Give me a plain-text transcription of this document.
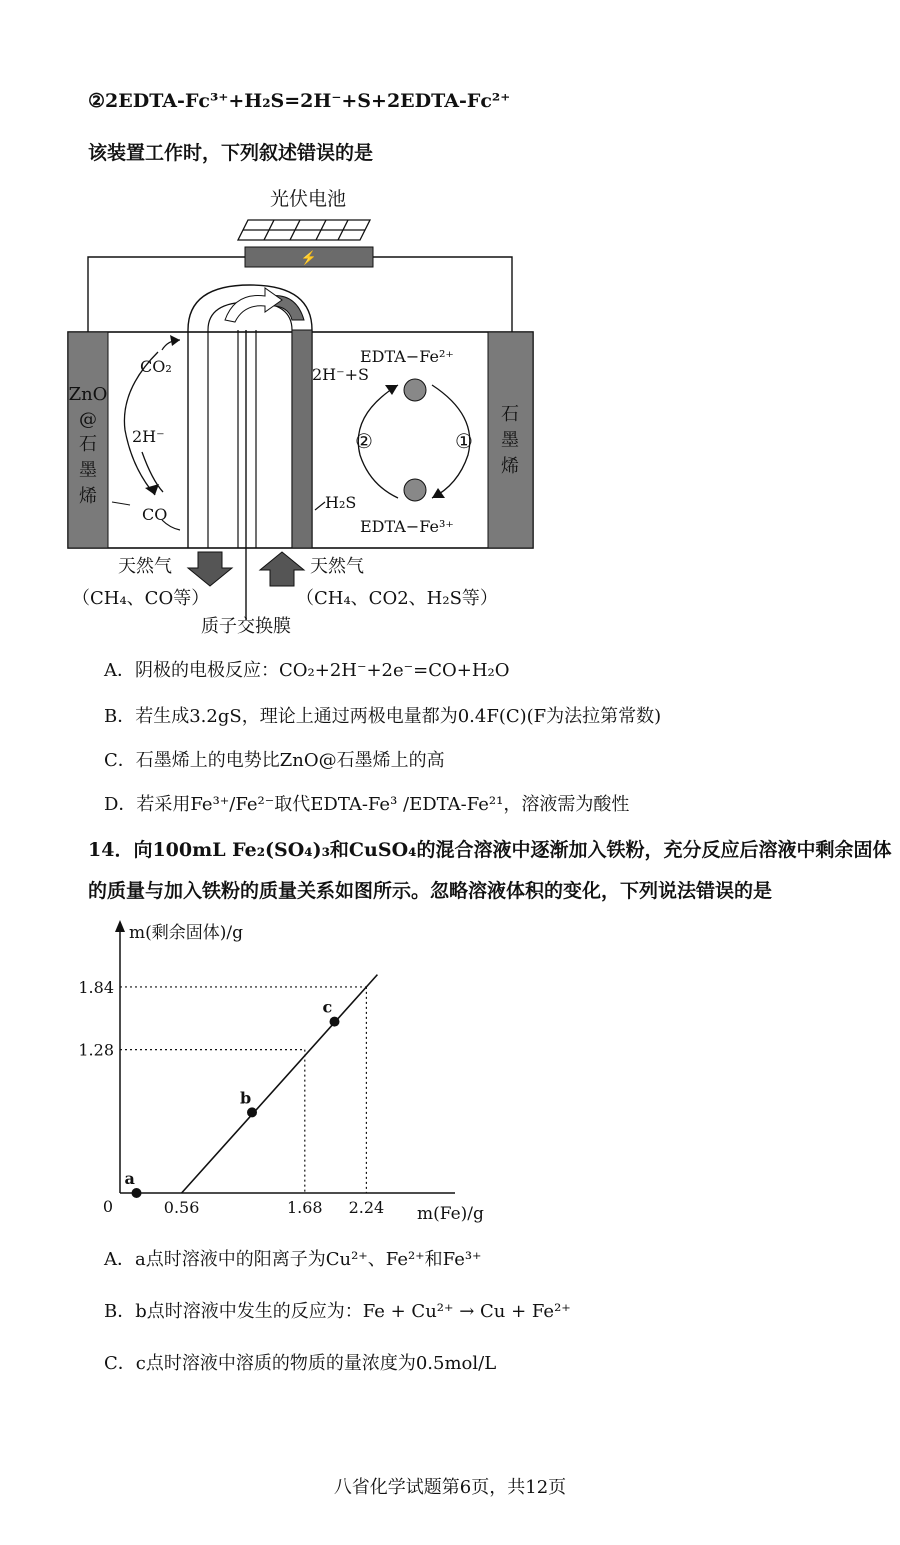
②2EDTA-Fc³⁺+H₂S=2H⁻+S+2EDTA-Fc²⁺
该装置工作时，下列叙述错误的是
光伏电池
⚡
ZnO
@
石
墨
烯
石
墨
烯
CO₂
2H⁻
CO
EDTA−Fe²⁺
2H⁻+S
H₂S
EDTA−Fe³⁺
②	①
天然气
（CH₄、CO等）
天然气
（CH₄、CO2、H₂S等）
质子交换膜
A．阴极的电极反应：CO₂+2H⁻+2e⁻=CO+H₂O
B．若生成3.2gS，理论上通过两极电量都为0.4F(C)(F为法拉第常数)
C．石墨烯上的电势比ZnO@石墨烯上的高
D．若采用Fe³⁺/Fe²⁻取代EDTA-Fe³ /EDTA-Fe²¹，溶液需为酸性
14．向100mL Fe₂(SO₄)₃和CuSO₄的混合溶液中逐渐加入铁粉，充分反应后溶液中剩余固体
的质量与加入铁粉的质量关系如图所示。忽略溶液体积的变化，下列说法错误的是
m(剩余固体)/g
m(Fe)/g
0
a
b
c
0.56	1.68 2.24
1.28
1.84
A．a点时溶液中的阳离子为Cu²⁺、Fe²⁺和Fe³⁺
B．b点时溶液中发生的反应为：Fe + Cu²⁺ → Cu + Fe²⁺
C．c点时溶液中溶质的物质的量浓度为0.5mol/L
八省化学试题第6页，共12页
